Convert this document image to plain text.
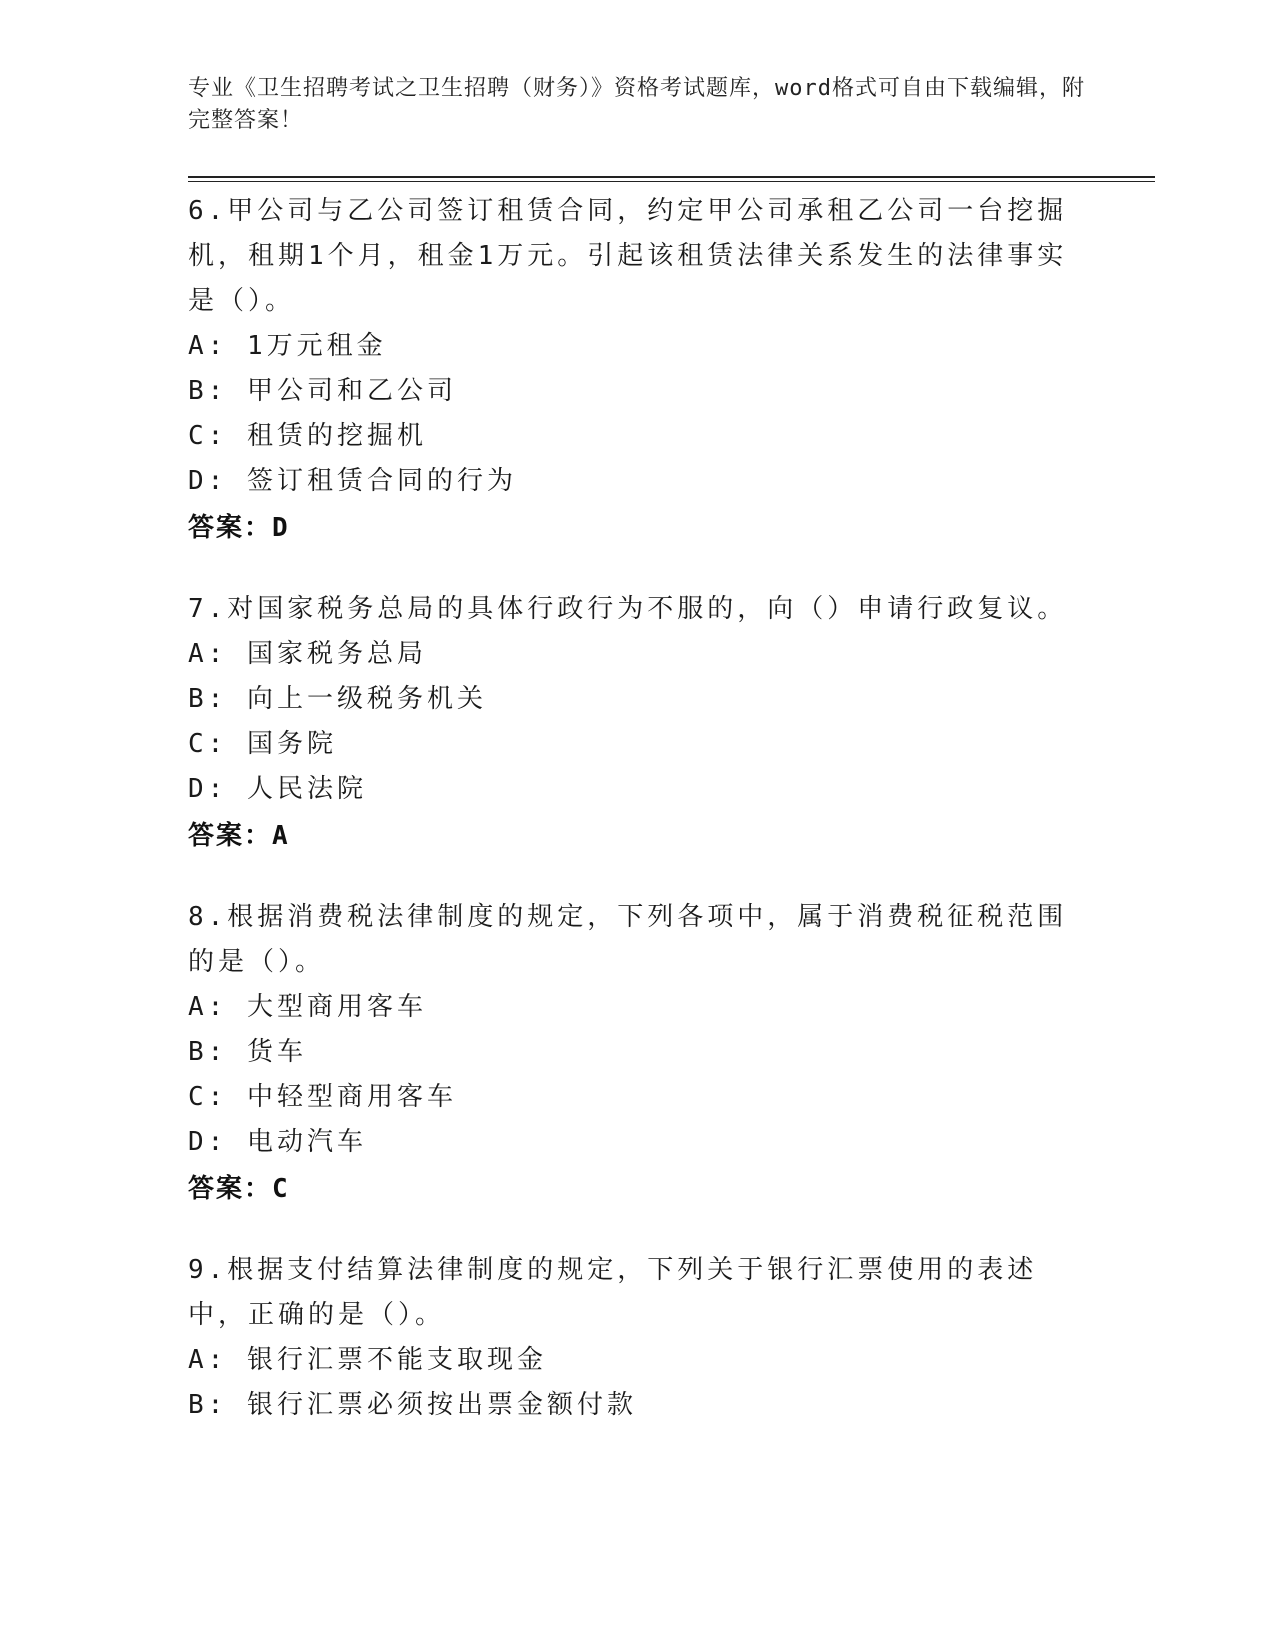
专业《卫生招聘考试之卫生招聘（财务）》资格考试题库，word格式可自由下载编辑，附完整答案！
6.甲公司与乙公司签订租赁合同，约定甲公司承租乙公司一台挖掘机，租期1个月，租金1万元。引起该租赁法律关系发生的法律事实是（）。
A: 1万元租金
B: 甲公司和乙公司
C: 租赁的挖掘机
D: 签订租赁合同的行为
答案：D
7.对国家税务总局的具体行政行为不服的，向（）申请行政复议。
A: 国家税务总局
B: 向上一级税务机关
C: 国务院
D: 人民法院
答案：A
8.根据消费税法律制度的规定，下列各项中，属于消费税征税范围的是（）。
A: 大型商用客车
B: 货车
C: 中轻型商用客车
D: 电动汽车
答案：C
9.根据支付结算法律制度的规定，下列关于银行汇票使用的表述中，正确的是（）。
A: 银行汇票不能支取现金
B: 银行汇票必须按出票金额付款
